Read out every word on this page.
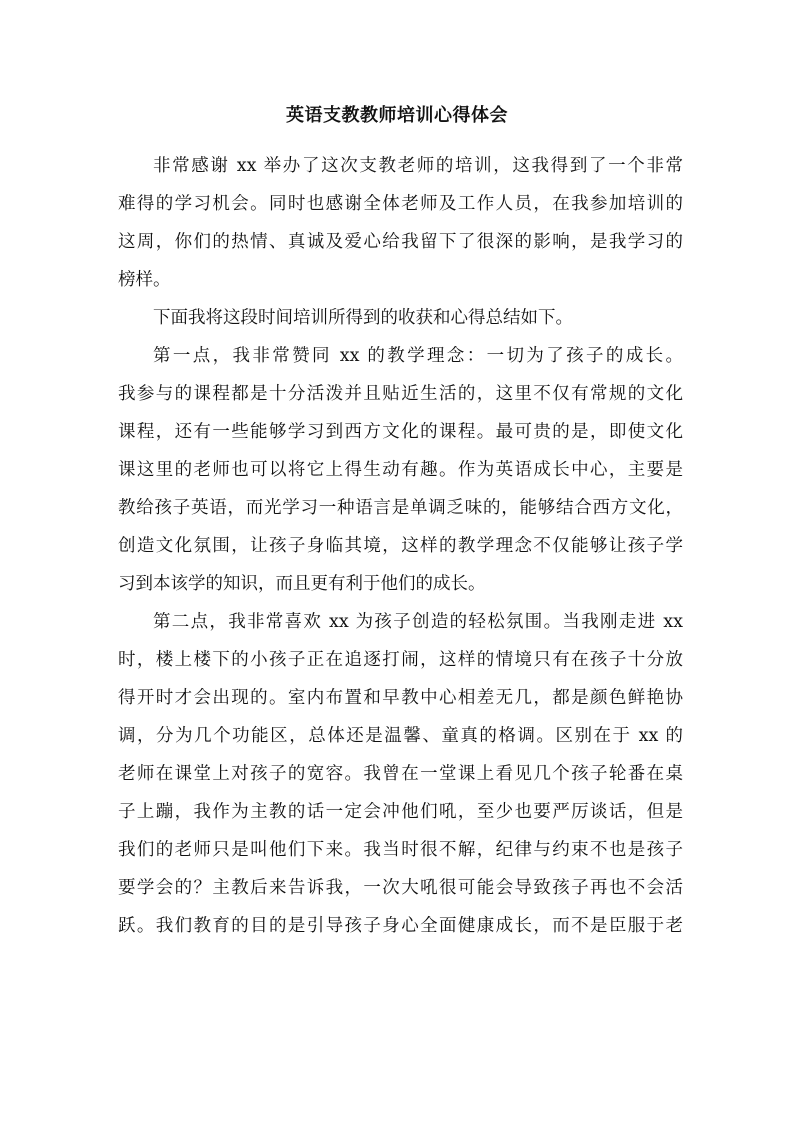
英语支教教师培训心得体会

非常感谢 xx 举办了这次支教老师的培训，这我得到了一个非常
难得的学习机会。同时也感谢全体老师及工作人员，在我参加培训的
这周，你们的热情、真诚及爱心给我留下了很深的影响，是我学习的
榜样。

下面我将这段时间培训所得到的收获和心得总结如下。

第一点，我非常赞同 xx 的教学理念：一切为了孩子的成长。
我参与的课程都是十分活泼并且贴近生活的，这里不仅有常规的文化
课程，还有一些能够学习到西方文化的课程。最可贵的是，即使文化
课这里的老师也可以将它上得生动有趣。作为英语成长中心，主要是
教给孩子英语，而光学习一种语言是单调乏味的，能够结合西方文化，
创造文化氛围，让孩子身临其境，这样的教学理念不仅能够让孩子学
习到本该学的知识，而且更有利于他们的成长。

第二点，我非常喜欢 xx 为孩子创造的轻松氛围。当我刚走进 xx
时，楼上楼下的小孩子正在追逐打闹，这样的情境只有在孩子十分放
得开时才会出现的。室内布置和早教中心相差无几，都是颜色鲜艳协
调，分为几个功能区，总体还是温馨、童真的格调。区别在于 xx 的
老师在课堂上对孩子的宽容。我曾在一堂课上看见几个孩子轮番在桌
子上蹦，我作为主教的话一定会冲他们吼，至少也要严厉谈话，但是
我们的老师只是叫他们下来。我当时很不解，纪律与约束不也是孩子
要学会的？主教后来告诉我，一次大吼很可能会导致孩子再也不会活
跃。我们教育的目的是引导孩子身心全面健康成长，而不是臣服于老
